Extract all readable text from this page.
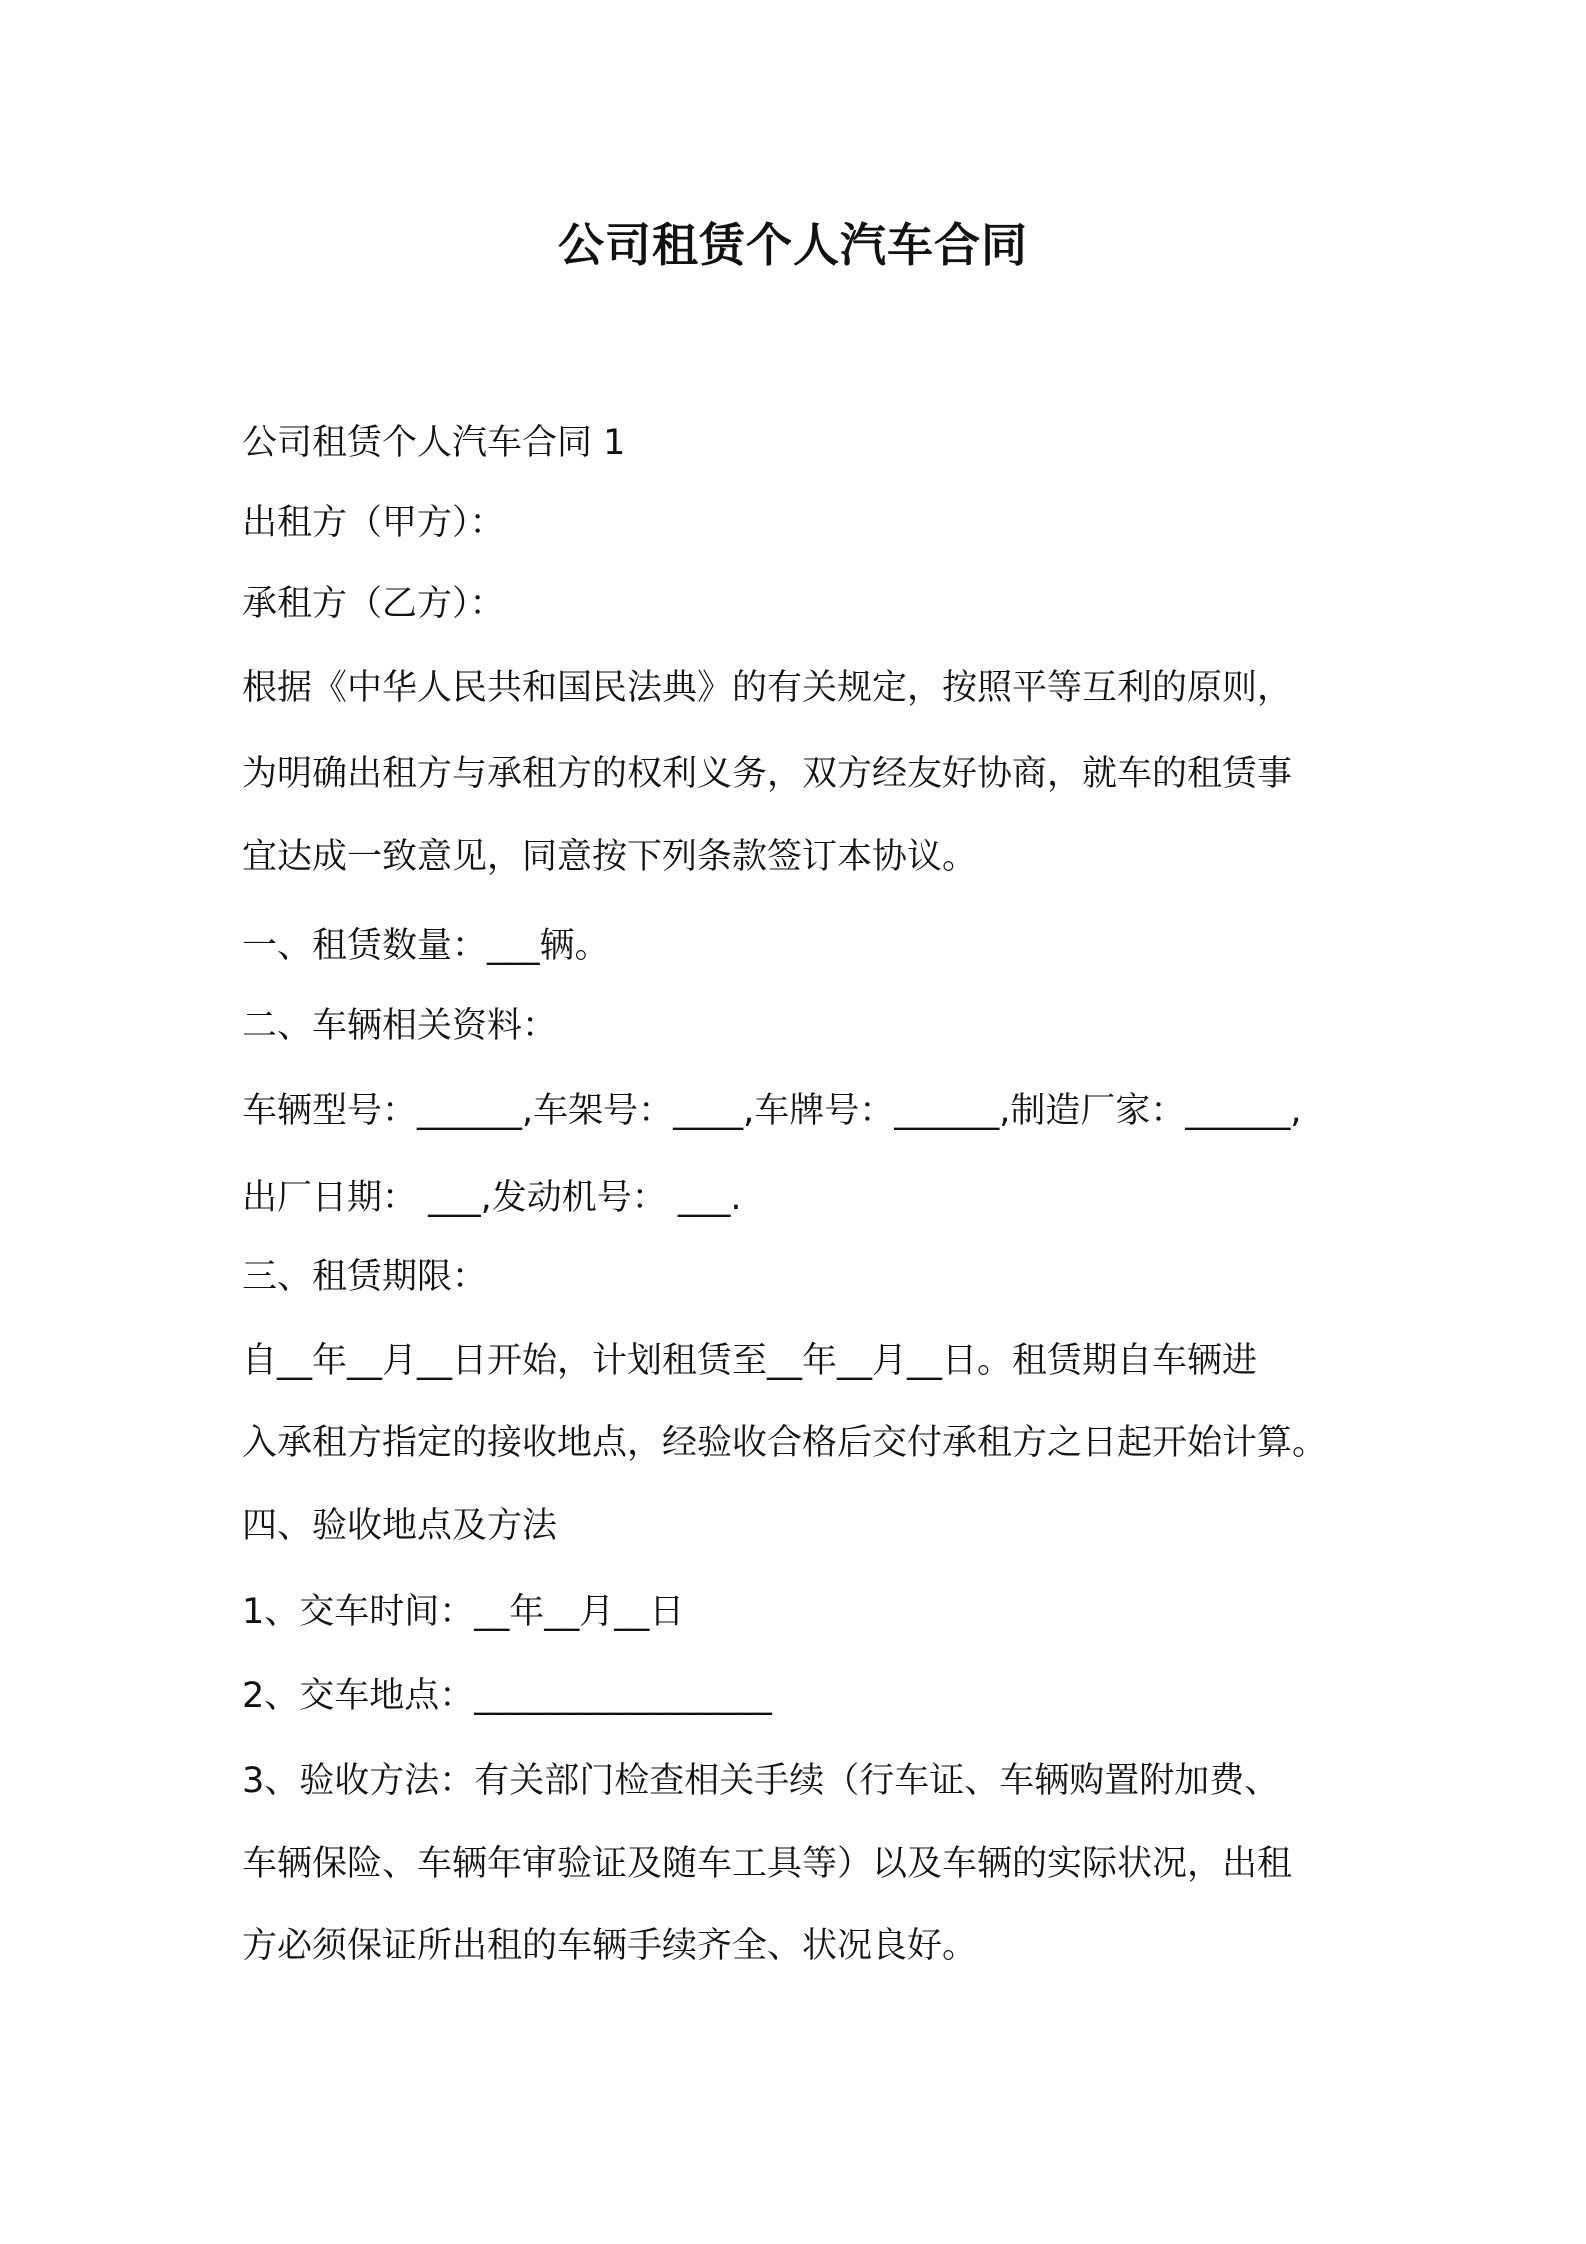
公司租赁个人汽车合同
公司租赁个人汽车合同 1
出租方（甲方）：
承租方（乙方）：
根据《中华人民共和国民法典》的有关规定，按照平等互利的原则，
为明确出租方与承租方的权利义务，双方经友好协商，就车的租赁事
宜达成一致意见，同意按下列条款签订本协议。
一、租赁数量：___辆。
二、车辆相关资料：
车辆型号：______,车架号：____,车牌号：______,制造厂家：______,
出厂日期： ___,发动机号： ___.
三、租赁期限：
自__年__月__日开始，计划租赁至__年__月__日。租赁期自车辆进
入承租方指定的接收地点，经验收合格后交付承租方之日起开始计算。
四、验收地点及方法
1、交车时间：__年__月__日
2、交车地点：_________________
3、验收方法：有关部门检查相关手续（行车证、车辆购置附加费、
车辆保险、车辆年审验证及随车工具等）以及车辆的实际状况，出租
方必须保证所出租的车辆手续齐全、状况良好。
